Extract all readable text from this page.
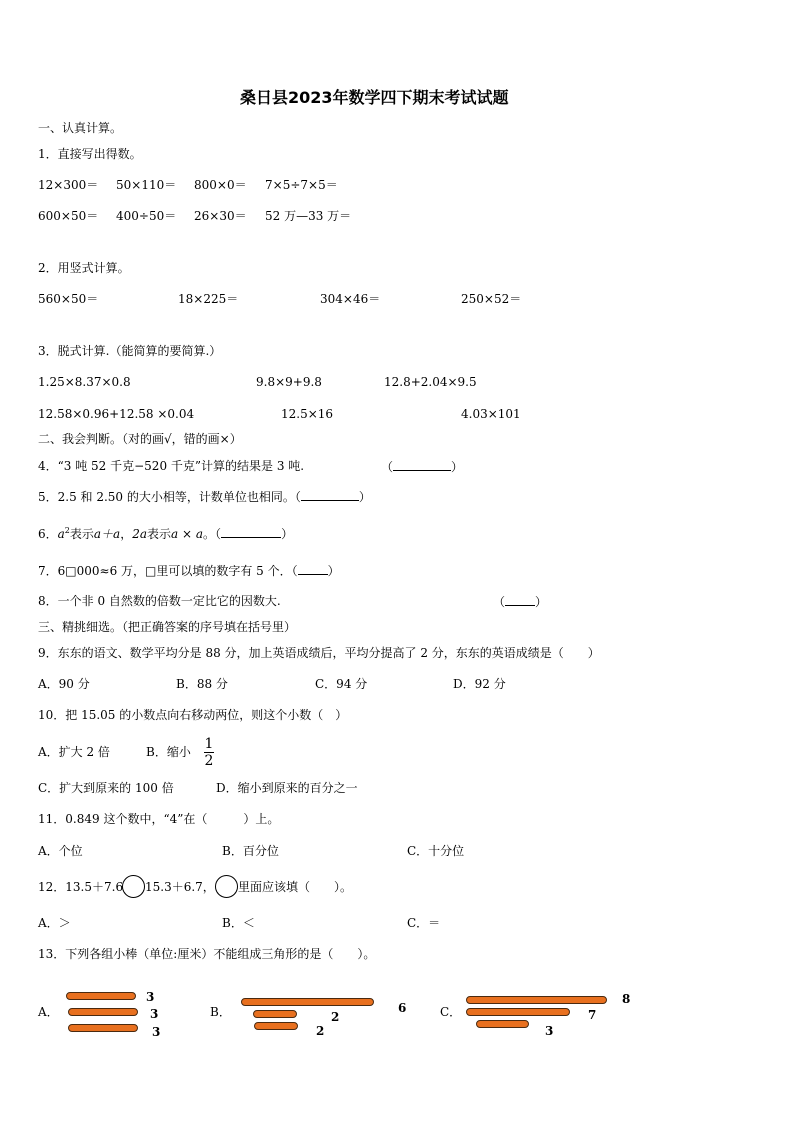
桑日县2023年数学四下期末考试试题
一、认真计算。
1．直接写出得数。
12×300＝ 50×110＝ 800×0＝ 7×5÷7×5＝
600×50＝ 400÷50＝ 26×30＝ 52 万—33 万＝
2．用竖式计算。
560×50＝	18×225＝	304×46＝	250×52＝
3．脱式计算.（能简算的要简算.）
1.25×8.37×0.8	9.8×9+9.8	12.8+2.04×9.5
12.58×0.96+12.58 ×0.04	12.5×16	4.03×101
二、我会判断。（对的画√，错的画×）
4．“3 吨 52 千克−520 千克”计算的结果是 3 吨.	（	）
5．2.5 和 2.50 的大小相等，计数单位也相同。（	）
6．$a^2$表示a＋a，2a表示a × a。（	）
7．6□000≈6 万，□里可以填的数字有 5 个．（	）
8．一个非 0 自然数的倍数一定比它的因数大.	（	）
三、精挑细选。（把正确答案的序号填在括号里）
9．东东的语文、数学平均分是 88 分，加上英语成绩后，平均分提高了 2 分，东东的英语成绩是（　　）
A．90 分	B．88 分	C．94 分	D．92 分
10．把 15.05 的小数点向右移动两位，则这个小数（　）
A．扩大 2 倍	B．缩小 1
2
C．扩大到原来的 100 倍	D．缩小到原来的百分之一
11．0.849 这个数中，“4”在（　　　）上。
A．个位	B．百分位	C．十分位
12．13.5＋7.6 15.3＋6.7， 里面应该填（　　）。
A．＞	B．＜	C．＝
13．下列各组小棒（单位:厘米）不能组成三角形的是（　　）。
A．
3
3
3
B．	6
2
2
C．
8
7
3
